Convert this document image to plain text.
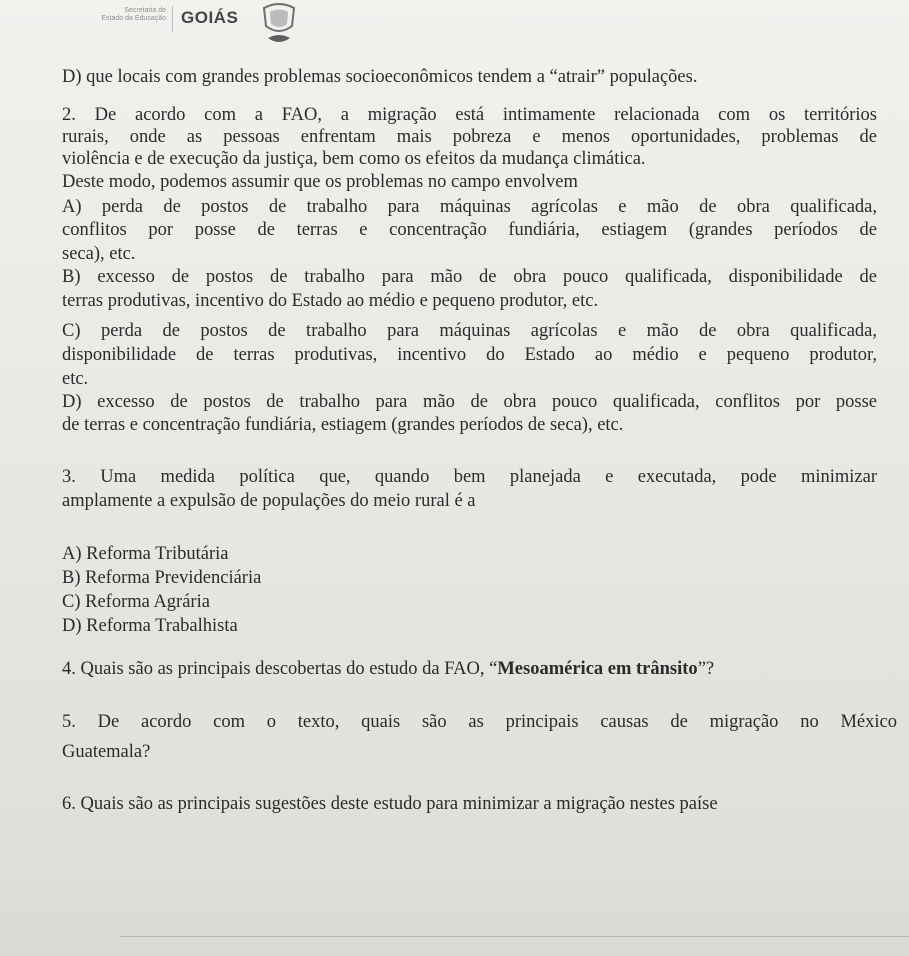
Secretaria de
Estado da Educação GOIÁS
D) que locais com grandes problemas socioeconômicos tendem a “atrair” populações.
2. De acordo com a FAO, a migração está intimamente relacionada com os territórios
rurais, onde as pessoas enfrentam mais pobreza e menos oportunidades, problemas de
violência e de execução da justiça, bem como os efeitos da mudança climática.
Deste modo, podemos assumir que os problemas no campo envolvem
A) perda de postos de trabalho para máquinas agrícolas e mão de obra qualificada,
conflitos por posse de terras e concentração fundiária, estiagem (grandes períodos de
seca), etc.
B) excesso de postos de trabalho para mão de obra pouco qualificada, disponibilidade de
terras produtivas, incentivo do Estado ao médio e pequeno produtor, etc.
C) perda de postos de trabalho para máquinas agrícolas e mão de obra qualificada,
disponibilidade de terras produtivas, incentivo do Estado ao médio e pequeno produtor,
etc.
D) excesso de postos de trabalho para mão de obra pouco qualificada, conflitos por posse
de terras e concentração fundiária, estiagem (grandes períodos de seca), etc.
3. Uma medida política que, quando bem planejada e executada, pode minimizar
amplamente a expulsão de populações do meio rural é a
A) Reforma Tributária
B) Reforma Previdenciária
C) Reforma Agrária
D) Reforma Trabalhista
4. Quais são as principais descobertas do estudo da FAO, “Mesoamérica em trânsito”?
5. De acordo com o texto, quais são as principais causas de migração no México
Guatemala?
6. Quais são as principais sugestões deste estudo para minimizar a migração nestes paíse
